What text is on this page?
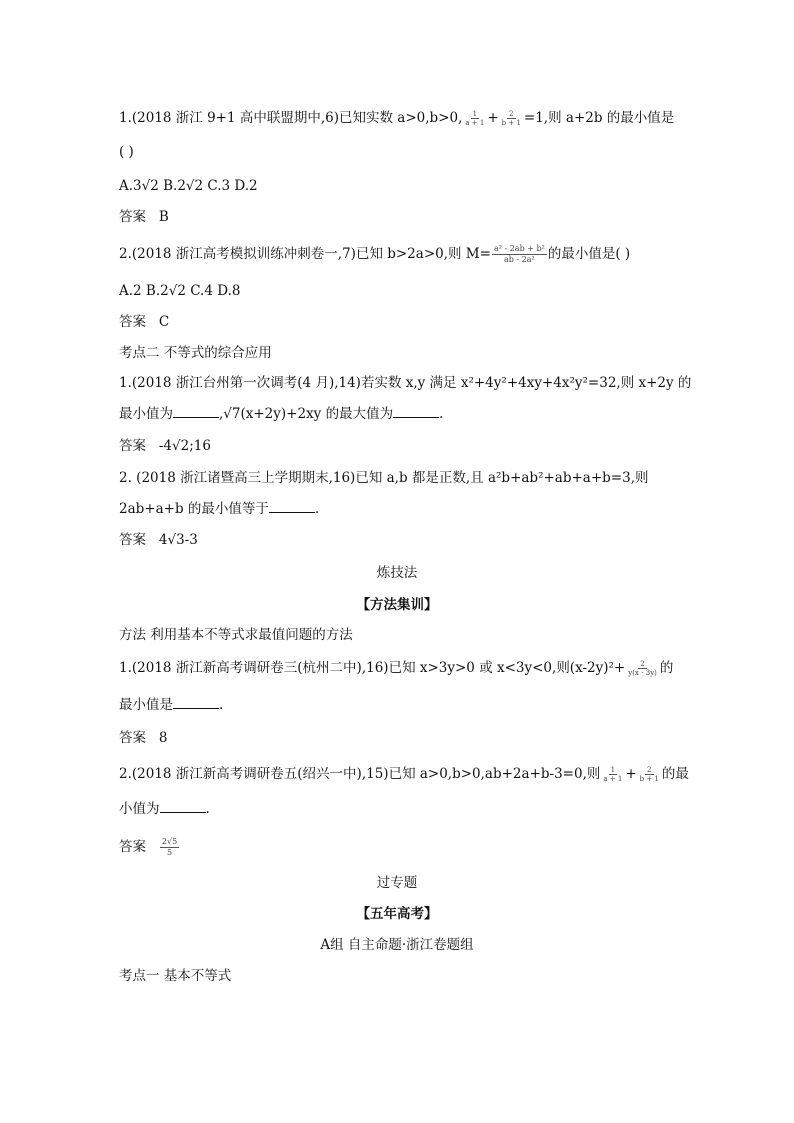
1.(2018 浙江 9+1 高中联盟期中,6)已知实数 a>0,b>0, $\frac{1}{a + 1} + \frac{2}{b + 1} =1$,则 a+2b 的最小值是
( )
A.3√2 B.2√2 C.3 D.2
答案 B
2.(2018 浙江高考模拟训练冲刺卷一,7)已知 b>2a>0,则 $M= \frac{\text{a² - 2ab + b²}}{\text{ab - 2a²}}$ 的最小值是( )
A.2 B.2√2 C.4 D.8
答案 C
考点二 不等式的综合应用
1.(2018 浙江台州第一次调考(4 月),14)若实数 x,y 满足 x²+4y²+4xy+4x²y²=32,则 x+2y 的
最小值为	,√7(x+2y)+2xy 的最大值为	.
答案 -4√2;16
2. (2018 浙江诸暨高三上学期期末,16)已知 a,b 都是正数,且 a²b+ab²+ab+a+b=3,则
2ab+a+b 的最小值等于	.
答案 4√3-3
炼技法
【方法集训】
方法 利用基本不等式求最值问题的方法
1.(2018 浙江新高考调研卷三(杭州二中),16)已知 x>3y>0 或 x<3y<0,则$(x-2y)^2+ \frac{2}{y(x - 3y)}$ 的
最小值是	.
答案 8
2.(2018 浙江新高考调研卷五(绍兴一中),15)已知 a>0,b>0,ab+2a+b-3=0,则 $\frac{1}{a + 1} + \frac{2}{b + 1}$ 的最
小值为	.
答案 $\frac{2√5}{5}$
过专题
【五年高考】
A组 自主命题·浙江卷题组
考点一 基本不等式
